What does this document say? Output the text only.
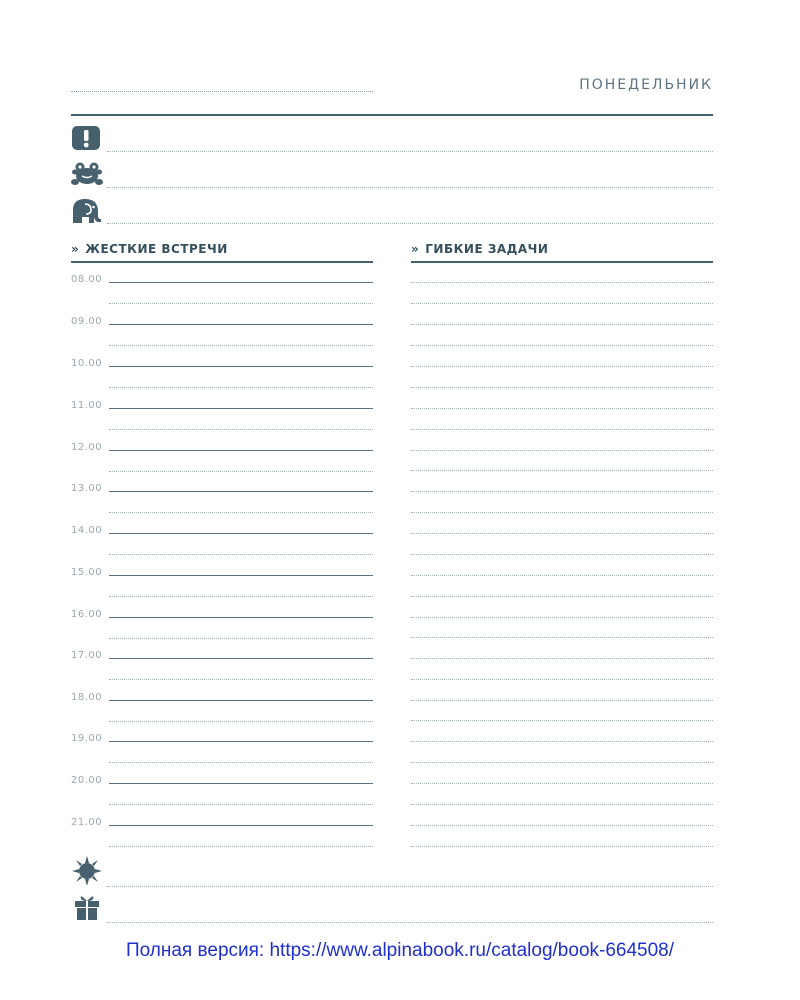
ПОНЕДЕЛЬНИК
» ЖЕСТКИЕ ВСТРЕЧИ	» ГИБКИЕ ЗАДАЧИ
08.00
09.00
10.00
11.00
12.00
13.00
14.00
15.00
16.00
17.00
18.00
19.00
20.00
21.00
Полная версия: https://www.alpinabook.ru/catalog/book-664508/
